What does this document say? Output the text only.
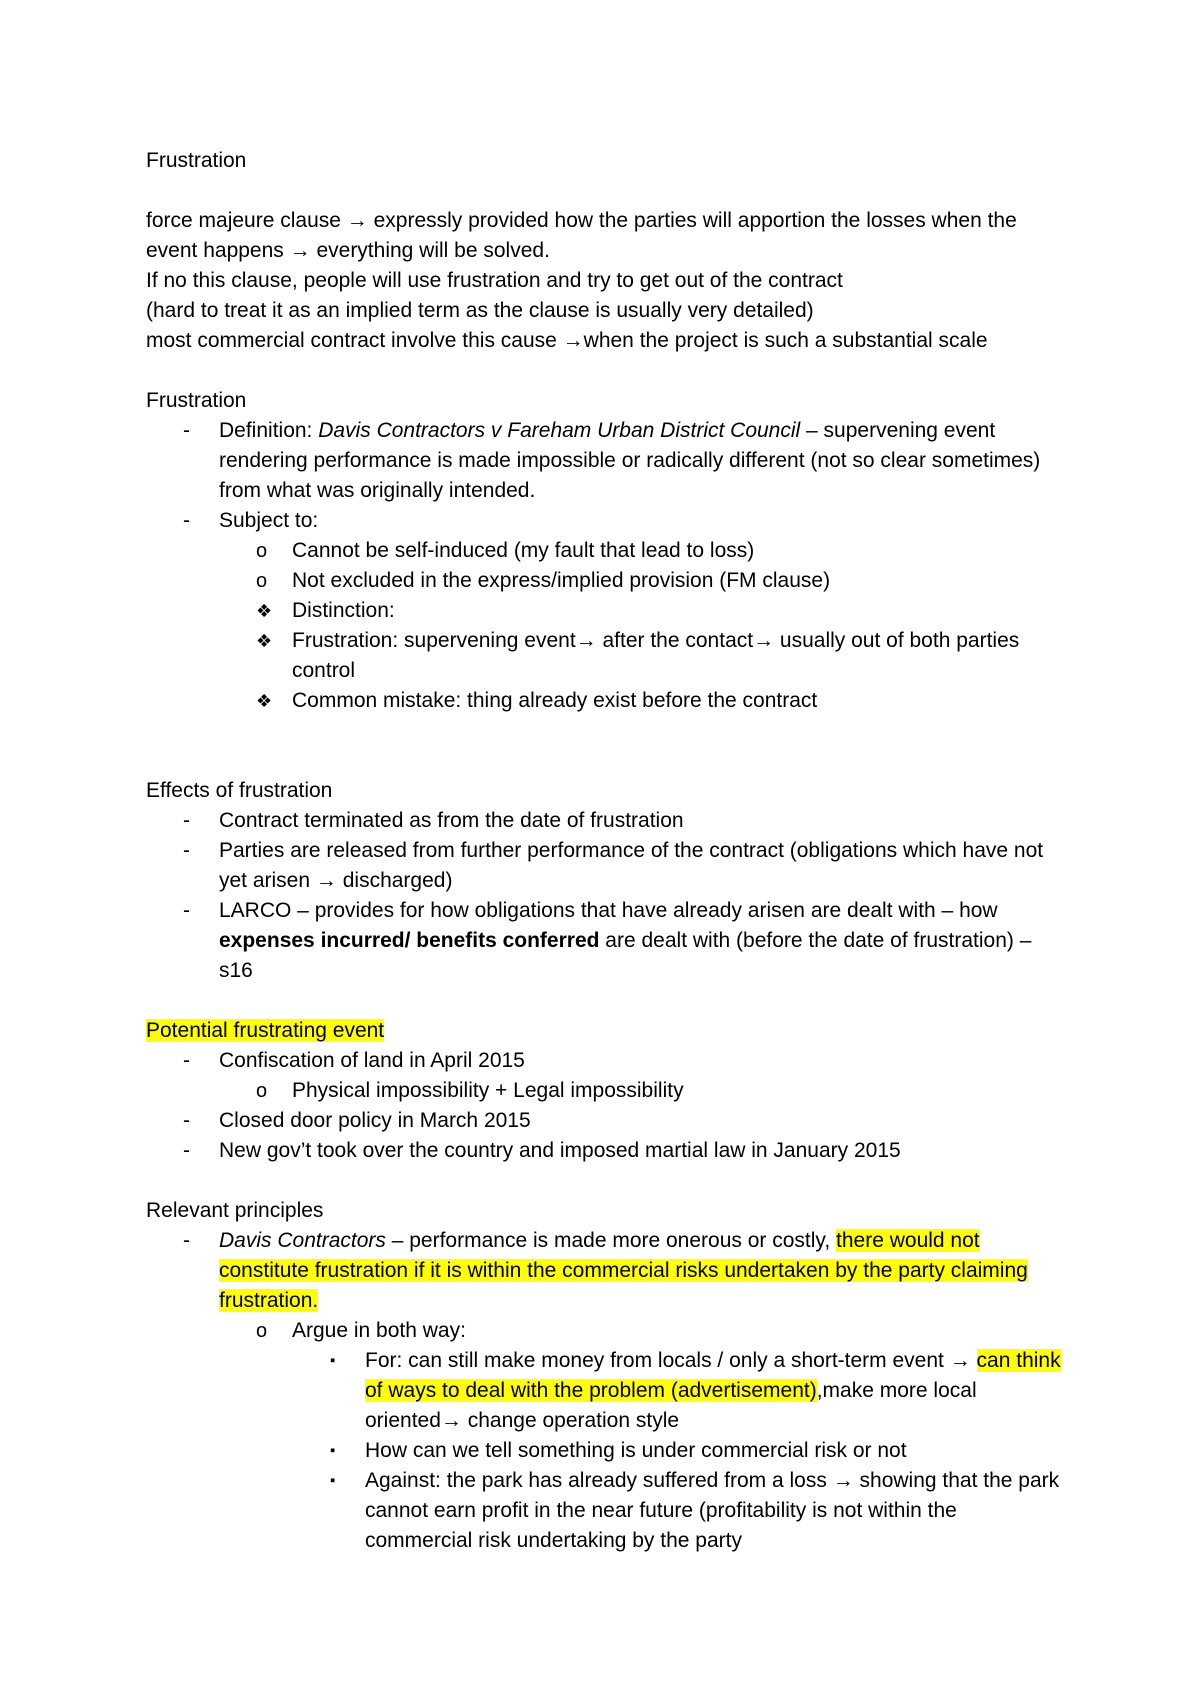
Frustration

force majeure clause → expressly provided how the parties will apportion the losses when the event happens → everything will be solved.

If no this clause, people will use frustration and try to get out of the contract

(hard to treat it as an implied term as the clause is usually very detailed)

most commercial contract involve this cause →when the project is such a substantial scale

Frustration

- Definition: Davis Contractors v Fareham Urban District Council – supervening event rendering performance is made impossible or radically different (not so clear sometimes) from what was originally intended.
- Subject to:
o Cannot be self-induced (my fault that lead to loss)
o Not excluded in the express/implied provision (FM clause)
❖ Distinction:
❖ Frustration: supervening event→ after the contact→ usually out of both parties control
❖ Common mistake: thing already exist before the contract

Effects of frustration

- Contract terminated as from the date of frustration
- Parties are released from further performance of the contract (obligations which have not yet arisen → discharged)
- LARCO – provides for how obligations that have already arisen are dealt with – how expenses incurred/ benefits conferred are dealt with (before the date of frustration) – s16

Potential frustrating event

- Confiscation of land in April 2015
o Physical impossibility + Legal impossibility
- Closed door policy in March 2015
- New gov’t took over the country and imposed martial law in January 2015

Relevant principles

- Davis Contractors – performance is made more onerous or costly, there would not constitute frustration if it is within the commercial risks undertaken by the party claiming frustration.
o Argue in both way:
▪ For: can still make money from locals / only a short-term event → can think of ways to deal with the problem (advertisement),make more local oriented→ change operation style
▪ How can we tell something is under commercial risk or not
▪ Against: the park has already suffered from a loss → showing that the park cannot earn profit in the near future (profitability is not within the commercial risk undertaking by the party
